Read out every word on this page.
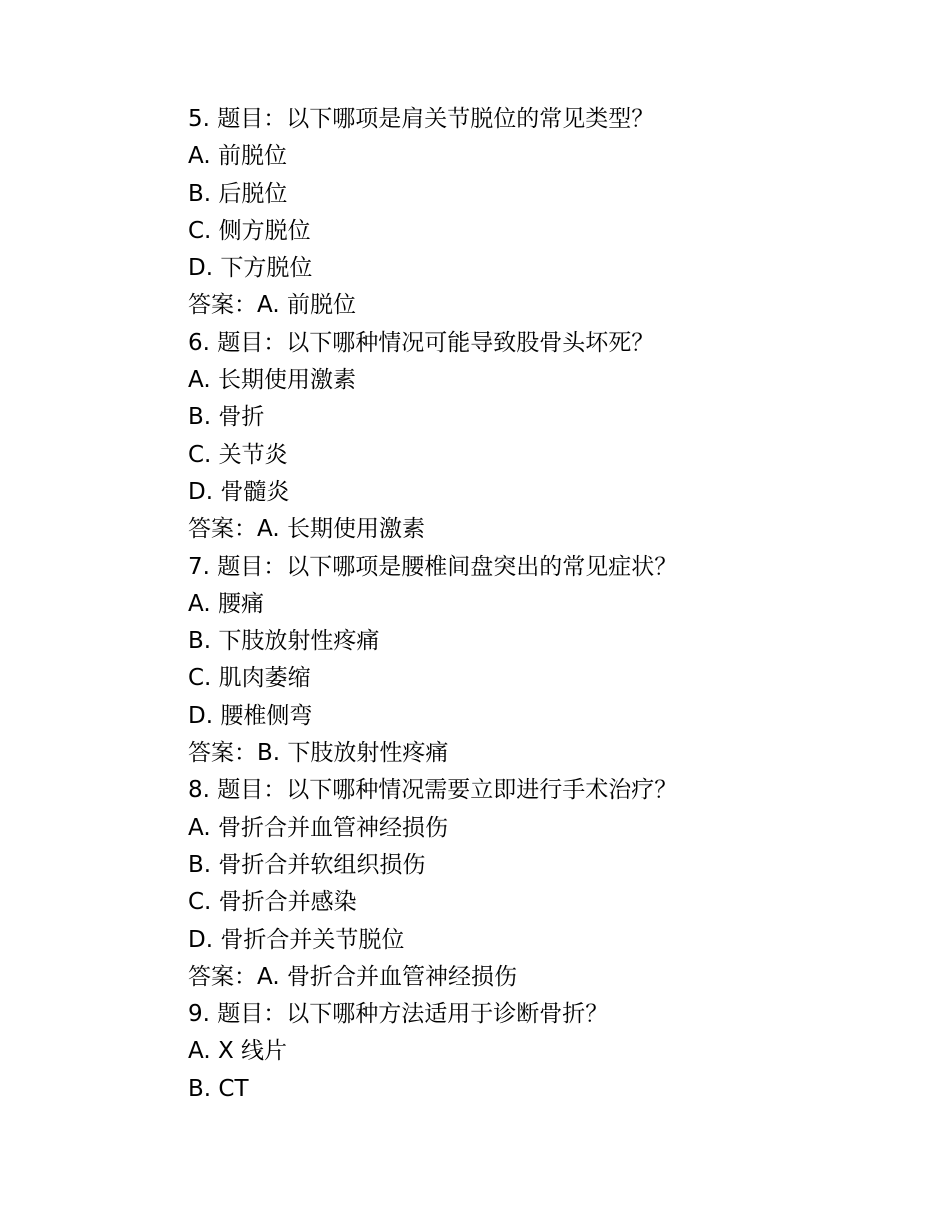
5. 题目：以下哪项是肩关节脱位的常见类型？
A. 前脱位
B. 后脱位
C. 侧方脱位
D. 下方脱位
答案：A. 前脱位
6. 题目：以下哪种情况可能导致股骨头坏死？
A. 长期使用激素
B. 骨折
C. 关节炎
D. 骨髓炎
答案：A. 长期使用激素
7. 题目：以下哪项是腰椎间盘突出的常见症状？
A. 腰痛
B. 下肢放射性疼痛
C. 肌肉萎缩
D. 腰椎侧弯
答案：B. 下肢放射性疼痛
8. 题目：以下哪种情况需要立即进行手术治疗？
A. 骨折合并血管神经损伤
B. 骨折合并软组织损伤
C. 骨折合并感染
D. 骨折合并关节脱位
答案：A. 骨折合并血管神经损伤
9. 题目：以下哪种方法适用于诊断骨折？
A. X 线片
B. CT
